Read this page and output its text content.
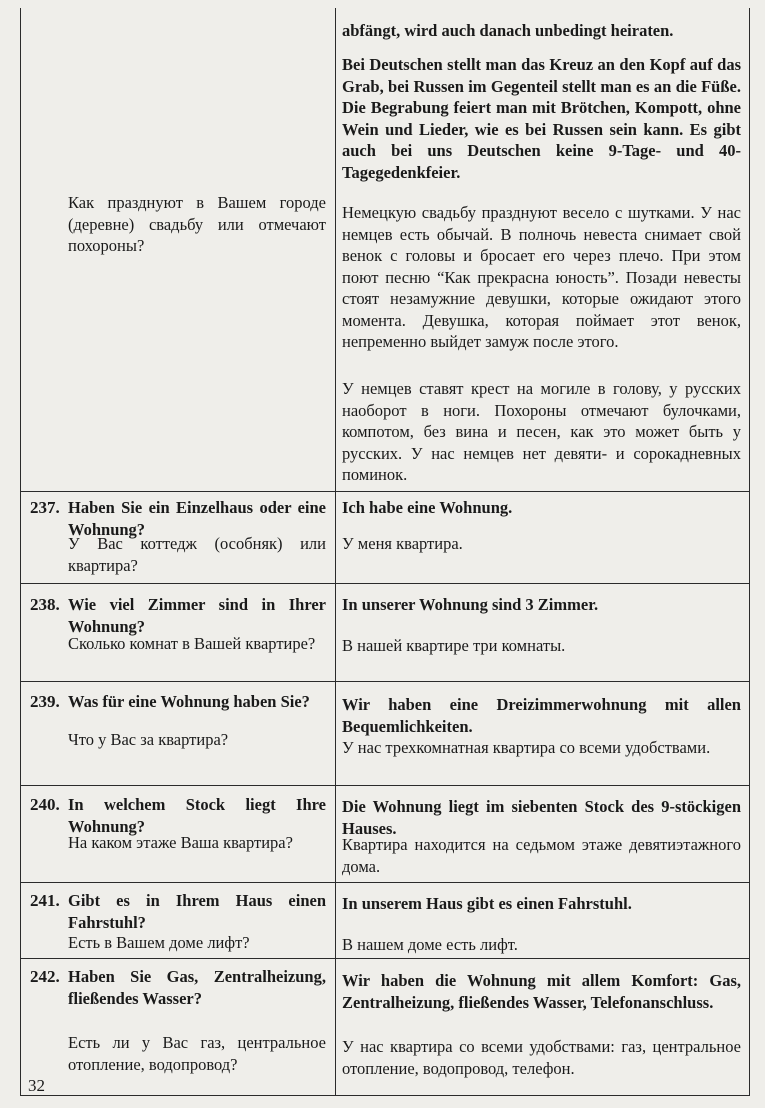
abfängt, wird auch danach unbedingt heiraten.

Bei Deutschen stellt man das Kreuz an den Kopf auf das Grab, bei Russen im Gegenteil stellt man es an die Füße. Die Begrabung feiert man mit Brötchen, Kompott, ohne Wein und Lieder, wie es bei Russen sein kann. Es gibt auch bei uns Deutschen keine 9-Tage- und 40-Tagegedenkfeier.

Как празднуют в Вашем городе (деревне) свадьбу или отмечают похороны?

Немецкую свадьбу празднуют весело с шутками. У нас немцев есть обычай. В полночь невеста снимает свой венок с головы и бросает его через плечо. При этом поют песню “Как прекрасна юность”. Позади невесты стоят незамужние девушки, которые ожидают этого момента. Девушка, которая поймает этот венок, непременно выйдет замуж после этого.

У немцев ставят крест на могиле в голову, у русских наоборот в ноги. Похороны отмечают булочками, компотом, без вина и песен, как это может быть у русских. У нас немцев нет девяти- и сорокадневных поминок.

237. Haben Sie ein Einzelhaus oder eine Wohnung?

У Вас коттедж (особняк) или квартира?

Ich habe eine Wohnung.

У меня квартира.

238. Wie viel Zimmer sind in Ihrer Wohnung?

Сколько комнат в Вашей квартире?

In unserer Wohnung sind 3 Zimmer.

В нашей квартире три комнаты.

239. Was für eine Wohnung haben Sie?

Что у Вас за квартира?

Wir haben eine Dreizimmerwohnung mit allen Bequemlichkeiten.

У нас трехкомнатная квартира со всеми удобствами.

240. In welchem Stock liegt Ihre Wohnung?

На каком этаже Ваша квартира?

Die Wohnung liegt im siebenten Stock des 9-stöckigen Hauses.

Квартира находится на седьмом этаже девятиэтажного дома.

241. Gibt es in Ihrem Haus einen Fahrstuhl?

Есть в Вашем доме лифт?

In unserem Haus gibt es einen Fahrstuhl.

В нашем доме есть лифт.

242. Haben Sie Gas, Zentralheizung, fließendes Wasser?

Есть ли у Вас газ, центральное отопление, водопровод?

Wir haben die Wohnung mit allem Komfort: Gas, Zentralheizung, fließendes Wasser, Telefonanschluss.

У нас квартира со всеми удобствами: газ, центральное отопление, водопровод, телефон.

32
